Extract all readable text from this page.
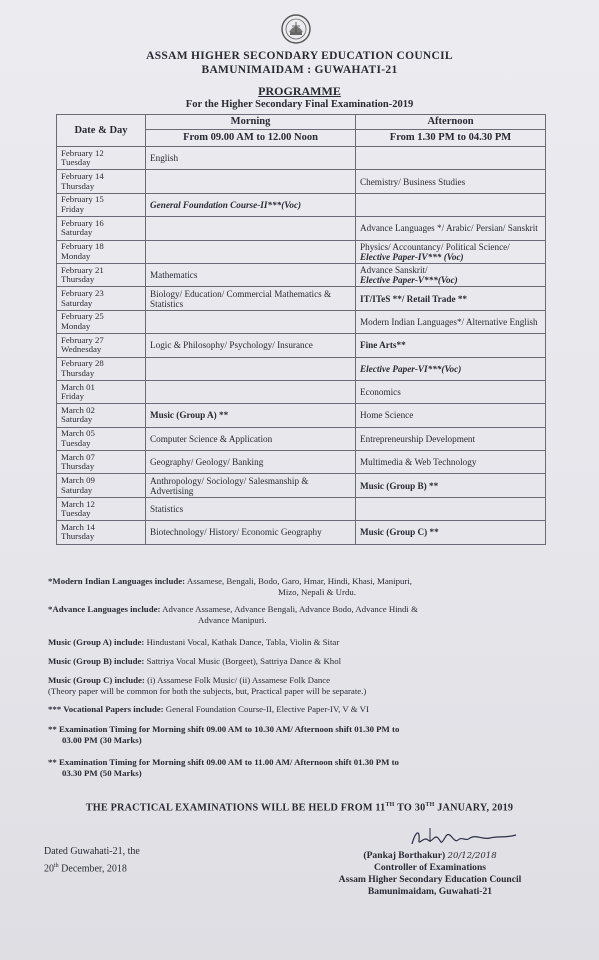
ASSAM HIGHER SECONDARY EDUCATION COUNCIL
BAMUNIMAIDAM : GUWAHATI-21
PROGRAMME
For the Higher Secondary Final Examination-2019
Date & Day	Morning	Afternoon
	From 09.00 AM to 12.00 Noon	From 1.30 PM to 04.30 PM
February 12
Tuesday	English	
February 14
Thursday		Chemistry/ Business Studies
February 15
Friday	General Foundation Course-II***(Voc)	
February 16
Saturday		Advance Languages */ Arabic/ Persian/ Sanskrit
February 18
Monday		Physics/ Accountancy/ Political Science/ Elective Paper-IV*** (Voc)
February 21
Thursday	Mathematics	Advance Sanskrit/
Elective Paper-V***(Voc)
February 23
Saturday	Biology/ Education/ Commercial Mathematics & Statistics	IT/ITeS **/ Retail Trade **
February 25
Monday		Modern Indian Languages*/ Alternative English
February 27
Wednesday	Logic & Philosophy/ Psychology/ Insurance	Fine Arts**
February 28
Thursday		Elective Paper-VI***(Voc)
March 01
Friday		Economics
March 02
Saturday	Music (Group A) **	Home Science
March 05
Tuesday	Computer Science & Application	Entrepreneurship Development
March 07
Thursday	Geography/ Geology/ Banking	Multimedia & Web Technology
March 09
Saturday	Anthropology/ Sociology/ Salesmanship & Advertising	Music (Group B) **
March 12
Tuesday	Statistics	
March 14
Thursday	Biotechnology/ History/ Economic Geography	Music (Group C) **
*Modern Indian Languages include: Assamese, Bengali, Bodo, Garo, Hmar, Hindi, Khasi, Manipuri,
Mizo, Nepali & Urdu.
*Advance Languages include: Advance Assamese, Advance Bengali, Advance Bodo, Advance Hindi &
Advance Manipuri.
Music (Group A) include: Hindustani Vocal, Kathak Dance, Tabla, Violin & Sitar
Music (Group B) include: Sattriya Vocal Music (Borgeet), Sattriya Dance & Khol
Music (Group C) include: (i) Assamese Folk Music/ (ii) Assamese Folk Dance
(Theory paper will be common for both the subjects, but, Practical paper will be separate.)
*** Vocational Papers include: General Foundation Course-II, Elective Paper-IV, V & VI
** Examination Timing for Morning shift 09.00 AM to 10.30 AM/ Afternoon shift 01.30 PM to
03.00 PM (30 Marks)
** Examination Timing for Morning shift 09.00 AM to 11.00 AM/ Afternoon shift 01.30 PM to
03.30 PM (50 Marks)
THE PRACTICAL EXAMINATIONS WILL BE HELD FROM 11TH TO 30TH JANUARY, 2019
Dated Guwahati-21, the
20th December, 2018
(Pankaj Borthakur) 20/12/2018
Controller of Examinations
Assam Higher Secondary Education Council
Bamunimaidam, Guwahati-21
